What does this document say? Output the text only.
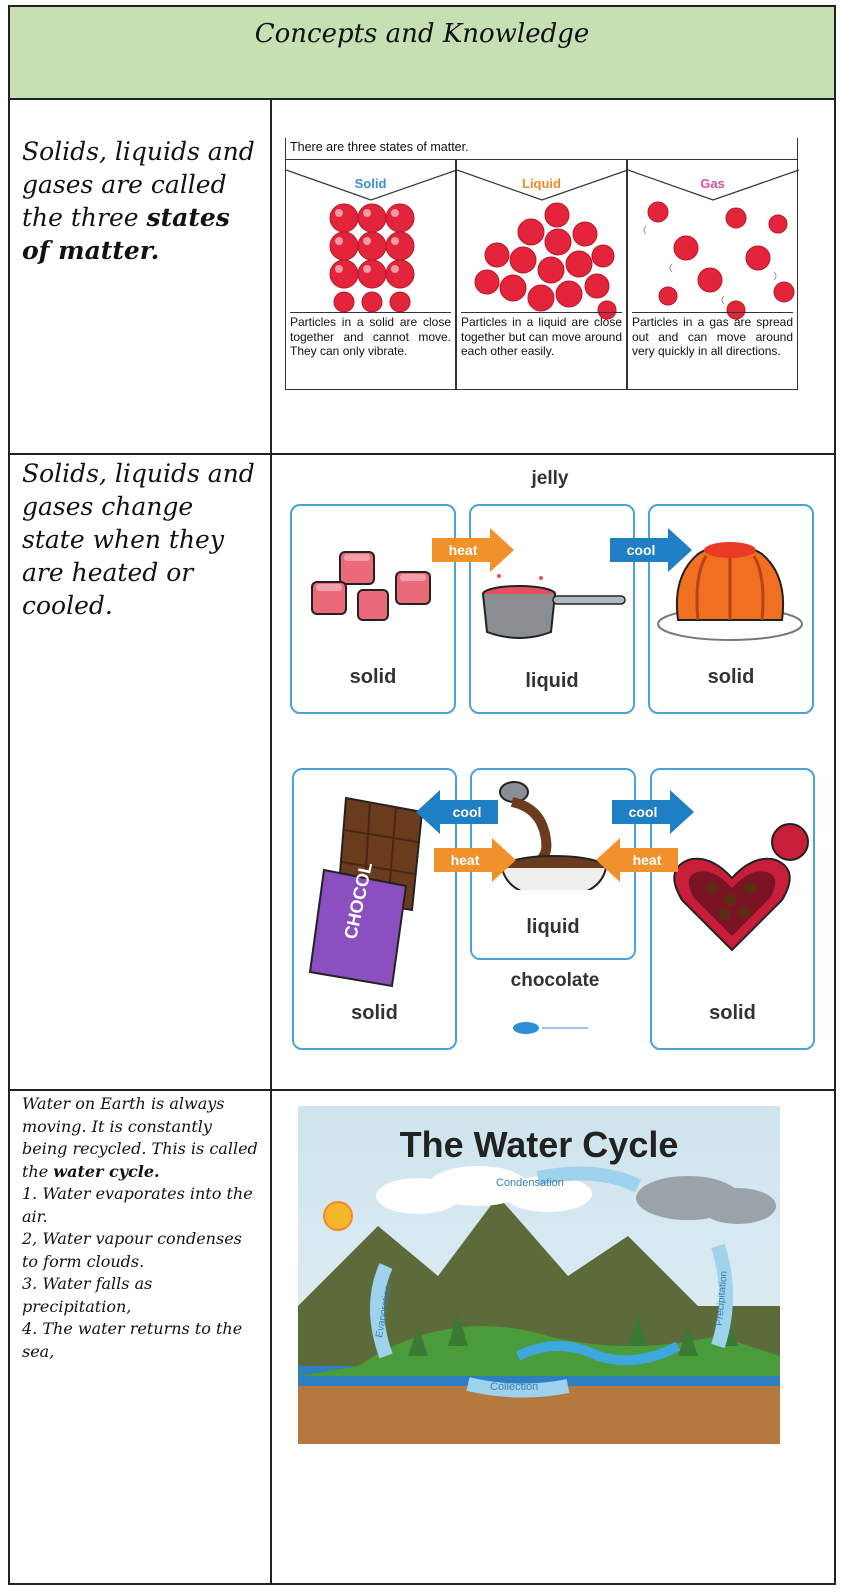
Concepts and Knowledge
Solids, liquids and gases are called the three states of matter.
Solids, liquids and gases change state when they are heated or cooled.
Water on Earth is always moving. It is constantly being recycled. This is called the water cycle.
1. Water evaporates into the air.
2, Water vapour condenses to form clouds.
3. Water falls as precipitation,
4. The water returns to the sea,
There are three states of matter.
Solid
Particles in a solid are close together and cannot move. They can only vibrate.
Liquid
Particles in a liquid are close together but can move around each other easily.
Gas
Particles in a gas are spread out and can move around very quickly in all directions.
jelly
solid	liquid	solid
heat	cool
CHOCOL
solid
liquid
chocolate
solid
cool	cool
heat	heat
Condensation
Evaporation	Precipitation
Collection
The Water Cycle
